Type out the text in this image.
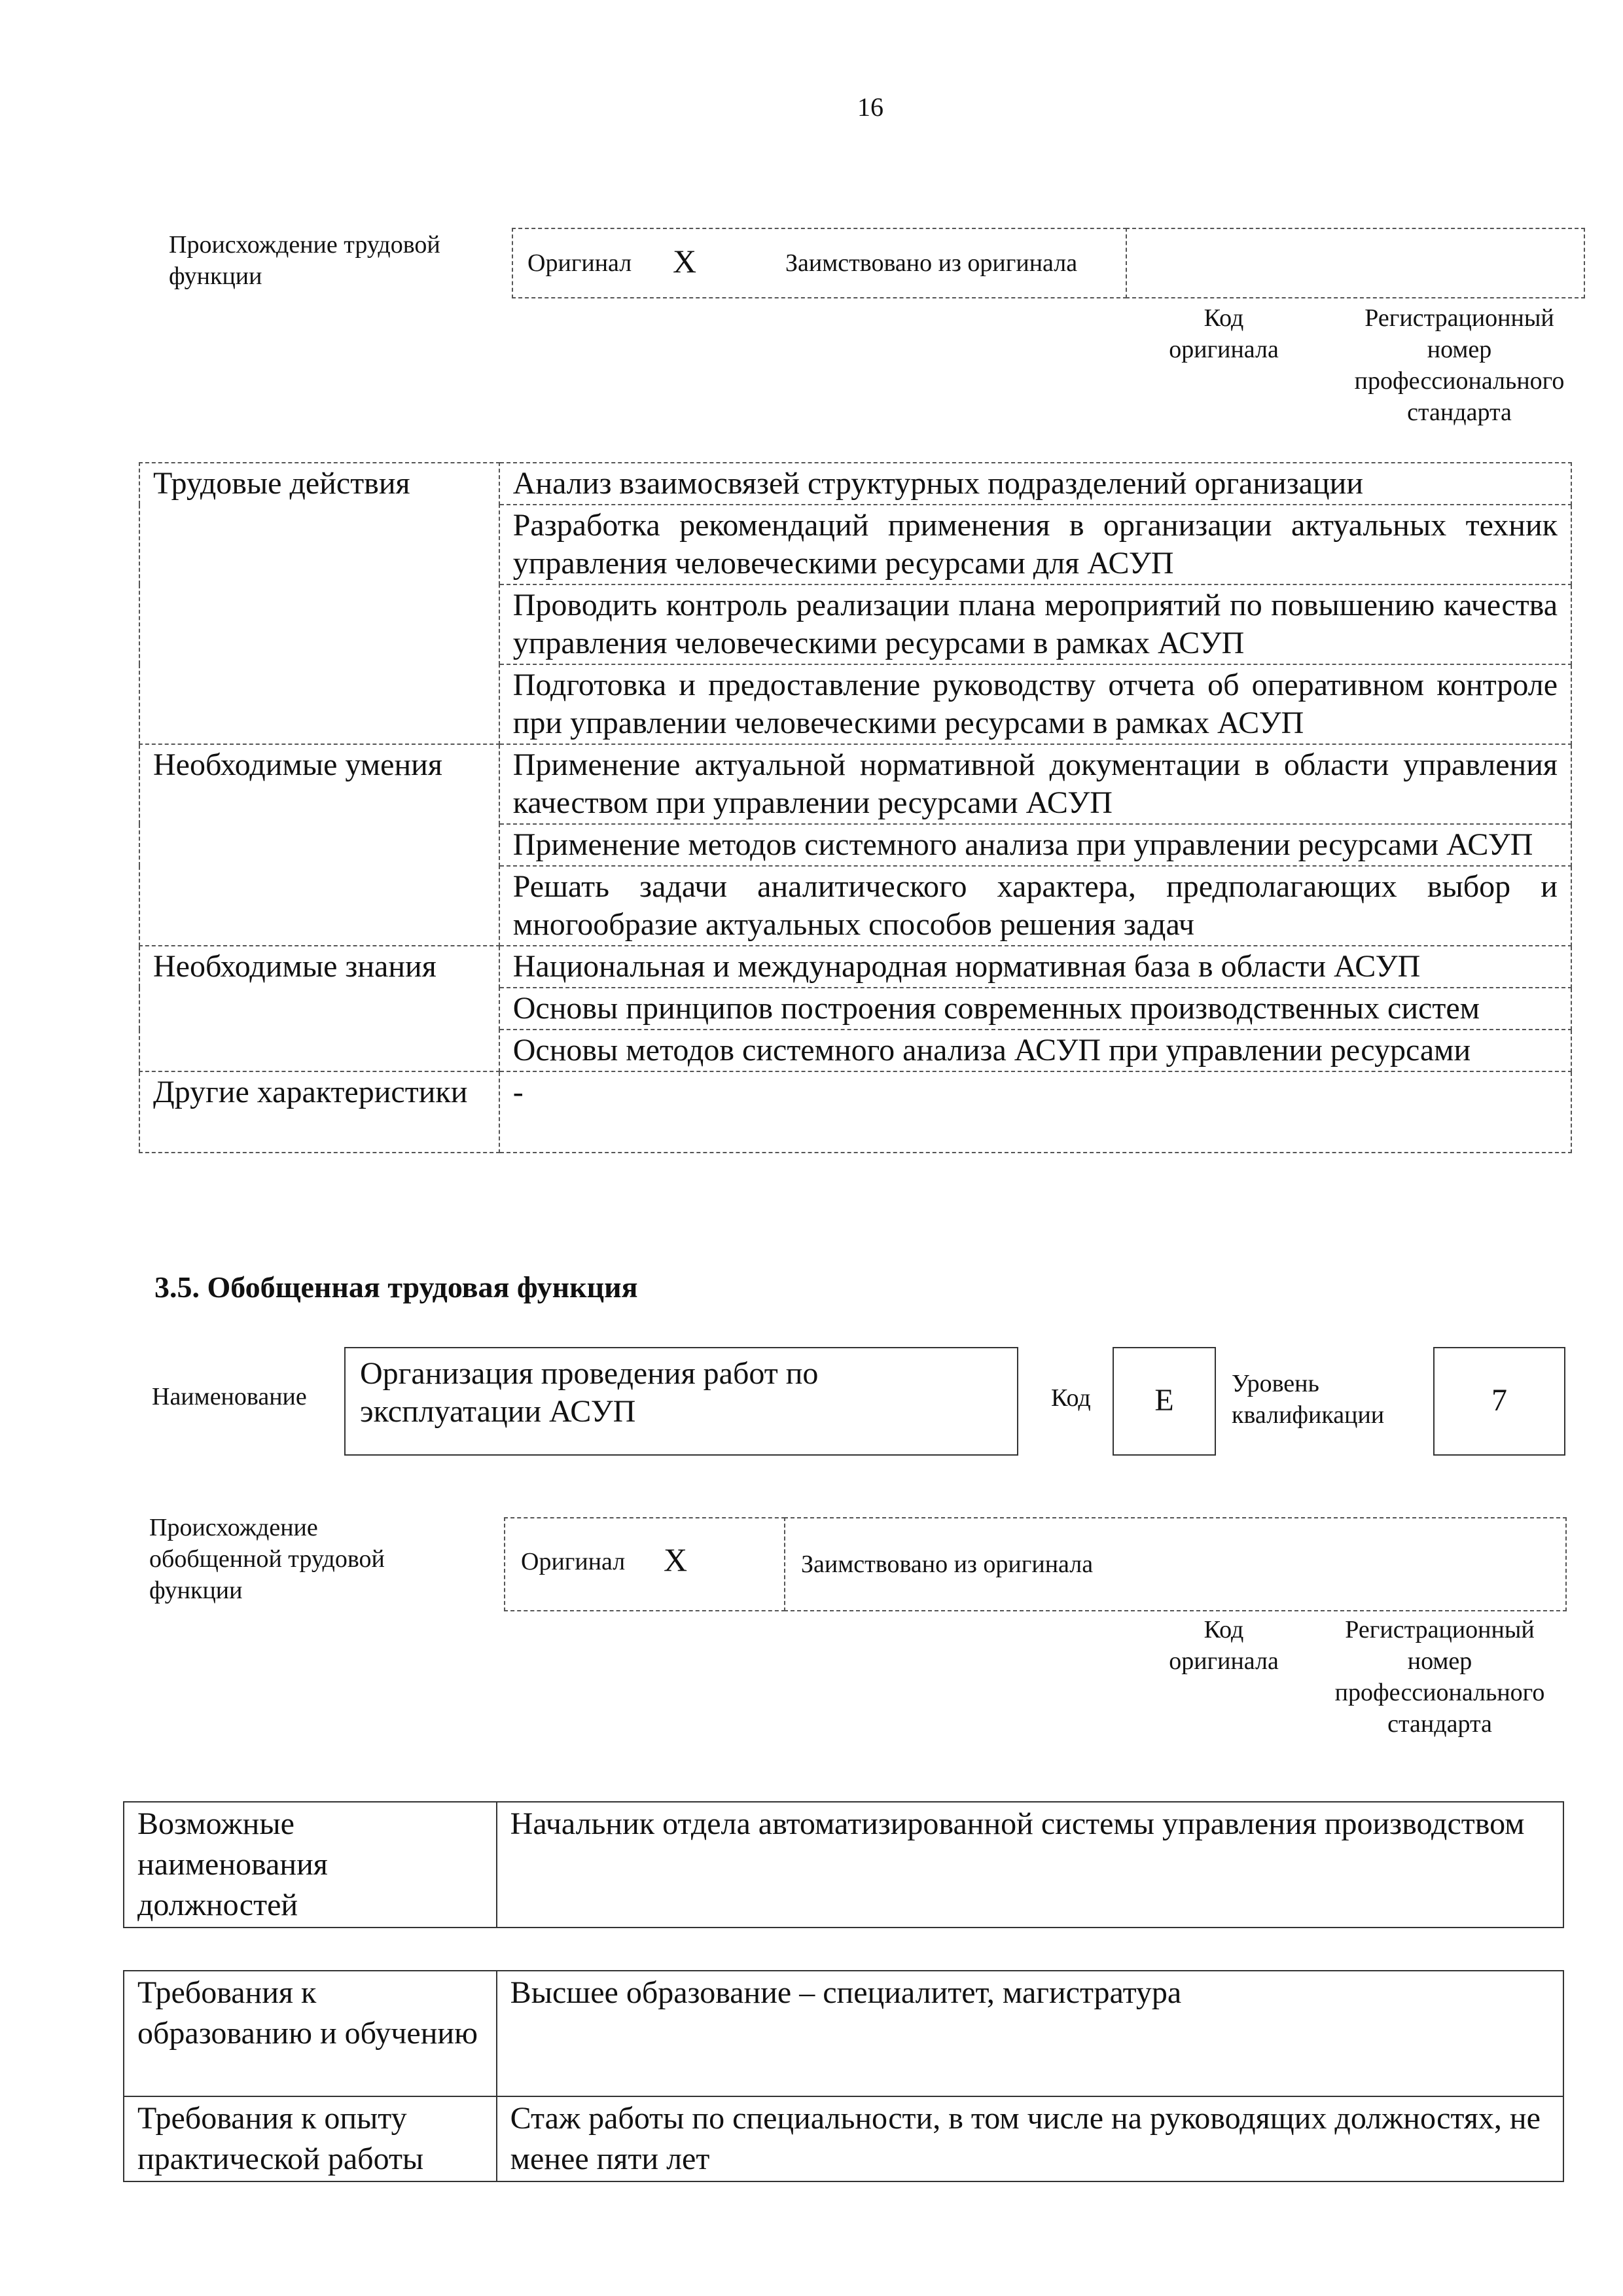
16
Происхождение трудовой функции	Оригинал X	Заимствовано из оригинала
Код оригинала
Регистрационный номер профессионального стандарта
Трудовые действия	Анализ взаимосвязей структурных подразделений организации
	Разработка рекомендаций применения в организации актуальных техник управления человеческими ресурсами для АСУП
	Проводить контроль реализации плана мероприятий по повышению качества управления человеческими ресурсами в рамках АСУП
	Подготовка и предоставление руководству отчета об оперативном контроле при управлении человеческими ресурсами в рамках АСУП
Необходимые умения	Применение актуальной нормативной документации в области управления качеством при управлении ресурсами АСУП
	Применение методов системного анализа при управлении ресурсами АСУП
	Решать задачи аналитического характера, предполагающих выбор и многообразие актуальных способов решения задач
Необходимые знания	Национальная и международная нормативная база в области АСУП
	Основы принципов построения современных производственных систем
	Основы методов системного анализа АСУП при управлении ресурсами
Другие характеристики	-
3.5. Обобщенная трудовая функция
Наименование
Организация проведения работ по эксплуатации АСУП	Код	E	Уровень квалификации	7
Происхождение обобщенной трудовой функции
Оригинал X	Заимствовано из оригинала
Код оригинала
Регистрационный номер профессионального стандарта
Возможные наименования должностей	Начальник отдела автоматизированной системы управления производством
Требования к образованию и обучению	Высшее образование – специалитет, магистратура
Требования к опыту практической работы	Стаж работы по специальности, в том числе на руководящих должностях, не менее пяти лет
